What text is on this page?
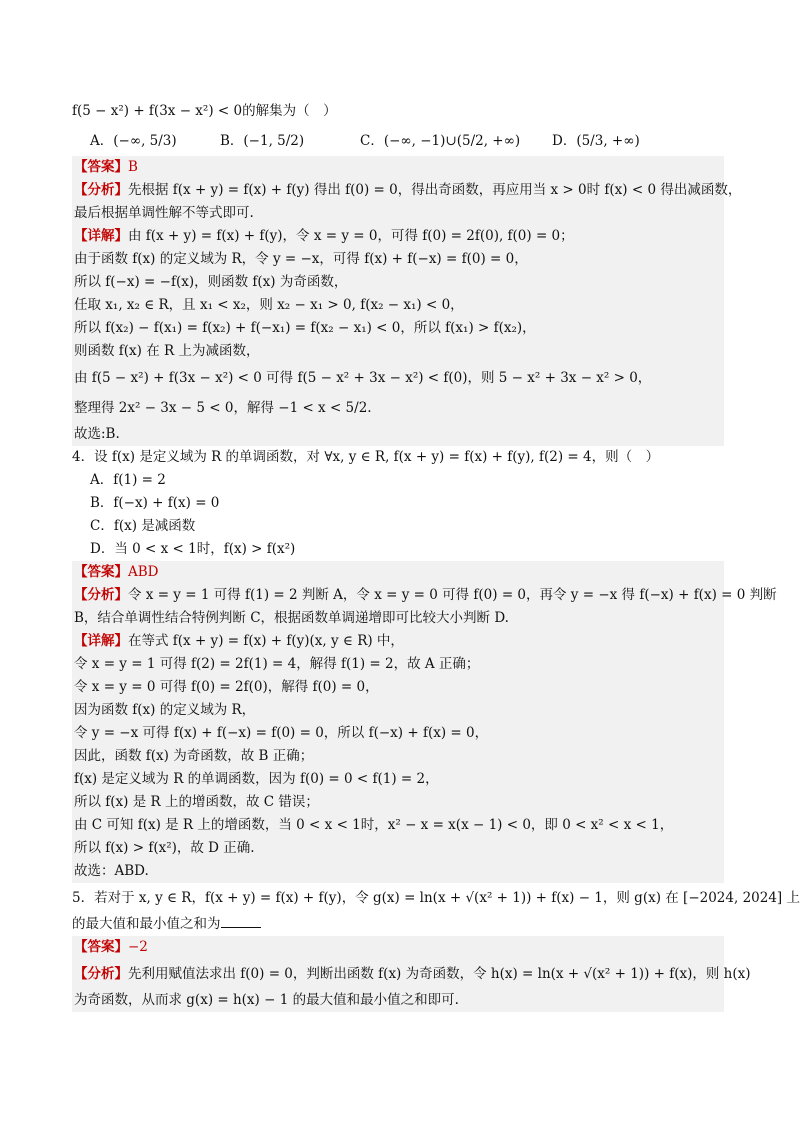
f(5 − x²) + f(3x − x²) < 0的解集为（　）
A．(−∞, 5/3)	B．(−1, 5/2)	C．(−∞, −1)∪(5/2, +∞)	D．(5/3, +∞)
【答案】B
【分析】先根据 f(x + y) = f(x) + f(y) 得出 f(0) = 0，得出奇函数，再应用当 x > 0时 f(x) < 0 得出减函数，
最后根据单调性解不等式即可.
【详解】由 f(x + y) = f(x) + f(y)，令 x = y = 0，可得 f(0) = 2f(0), f(0) = 0；
由于函数 f(x) 的定义域为 R，令 y = −x，可得 f(x) + f(−x) = f(0) = 0，
所以 f(−x) = −f(x)，则函数 f(x) 为奇函数，
任取 x₁, x₂ ∈ R，且 x₁ < x₂，则 x₂ − x₁ > 0, f(x₂ − x₁) < 0，
所以 f(x₂) − f(x₁) = f(x₂) + f(−x₁) = f(x₂ − x₁) < 0，所以 f(x₁) > f(x₂)，
则函数 f(x) 在 R 上为减函数，
由 f(5 − x²) + f(3x − x²) < 0 可得 f(5 − x² + 3x − x²) < f(0)，则 5 − x² + 3x − x² > 0，
整理得 2x² − 3x − 5 < 0，解得 −1 < x < 5/2.
故选:B.
4．设 f(x) 是定义域为 R 的单调函数，对 ∀x, y ∈ R, f(x + y) = f(x) + f(y), f(2) = 4，则（　）
A．f(1) = 2
B．f(−x) + f(x) = 0
C．f(x) 是减函数
D．当 0 < x < 1时，f(x) > f(x²)
【答案】ABD
【分析】令 x = y = 1 可得 f(1) = 2 判断 A，令 x = y = 0 可得 f(0) = 0，再令 y = −x 得 f(−x) + f(x) = 0 判断
B，结合单调性结合特例判断 C，根据函数单调递增即可比较大小判断 D.
【详解】在等式 f(x + y) = f(x) + f(y)(x, y ∈ R) 中，
令 x = y = 1 可得 f(2) = 2f(1) = 4，解得 f(1) = 2，故 A 正确；
令 x = y = 0 可得 f(0) = 2f(0)，解得 f(0) = 0，
因为函数 f(x) 的定义域为 R，
令 y = −x 可得 f(x) + f(−x) = f(0) = 0，所以 f(−x) + f(x) = 0，
因此，函数 f(x) 为奇函数，故 B 正确；
f(x) 是定义域为 R 的单调函数，因为 f(0) = 0 < f(1) = 2，
所以 f(x) 是 R 上的增函数，故 C 错误；
由 C 可知 f(x) 是 R 上的增函数，当 0 < x < 1时，x² − x = x(x − 1) < 0，即 0 < x² < x < 1，
所以 f(x) > f(x²)，故 D 正确.
故选：ABD.
5．若对于 x, y ∈ R，f(x + y) = f(x) + f(y)，令 g(x) = ln(x + √(x² + 1)) + f(x) − 1，则 g(x) 在 [−2024, 2024] 上
的最大值和最小值之和为
【答案】−2
【分析】先利用赋值法求出 f(0) = 0，判断出函数 f(x) 为奇函数，令 h(x) = ln(x + √(x² + 1)) + f(x)，则 h(x)
为奇函数，从而求 g(x) = h(x) − 1 的最大值和最小值之和即可.
